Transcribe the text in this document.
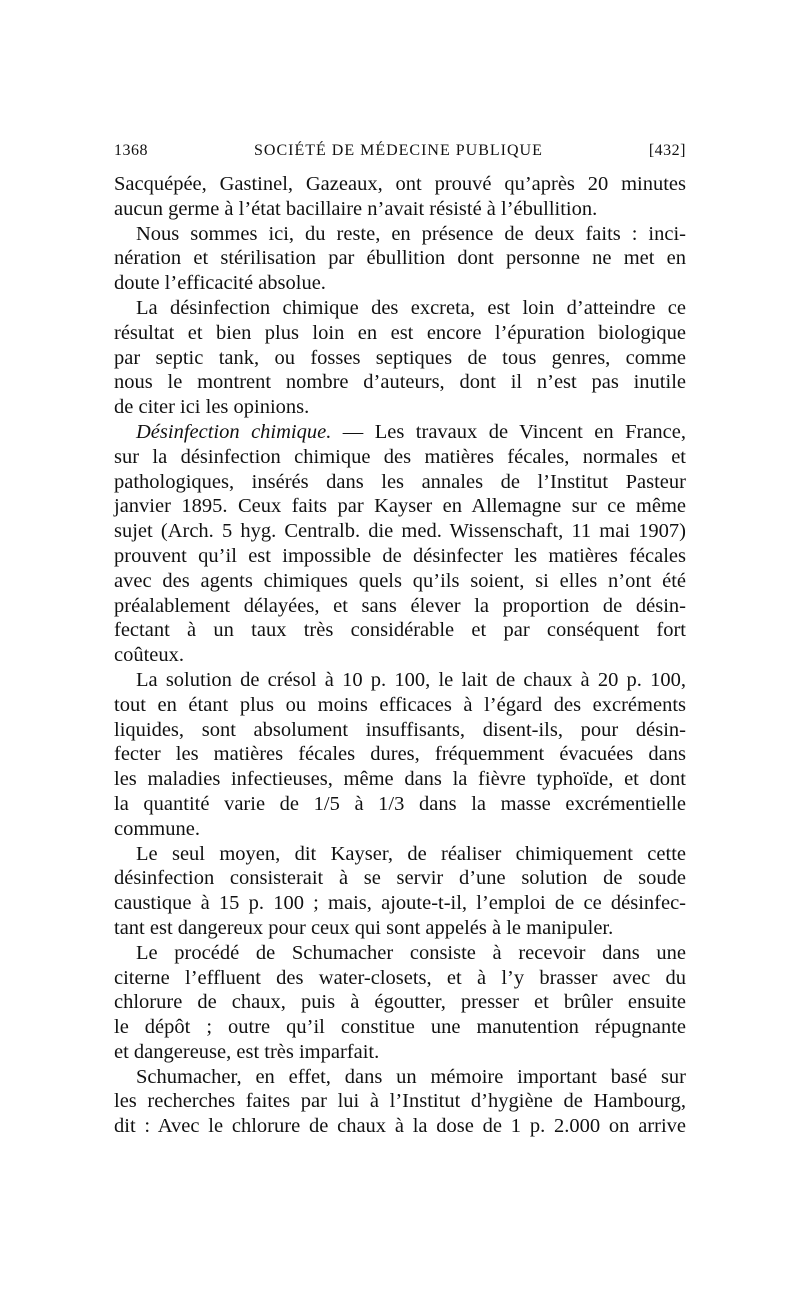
1368	SOCIÉTÉ DE MÉDECINE PUBLIQUE	[432]
Sacquépée, Gastinel, Gazeaux, ont prouvé qu’après 20 minutes
aucun germe à l’état bacillaire n’avait résisté à l’ébullition.
Nous sommes ici, du reste, en présence de deux faits : inci-
nération et stérilisation par ébullition dont personne ne met en
doute l’efficacité absolue.
La désinfection chimique des excreta, est loin d’atteindre ce
résultat et bien plus loin en est encore l’épuration biologique
par septic tank, ou fosses septiques de tous genres, comme
nous le montrent nombre d’auteurs, dont il n’est pas inutile
de citer ici les opinions.
Désinfection chimique. — Les travaux de Vincent en France,
sur la désinfection chimique des matières fécales, normales et
pathologiques, insérés dans les annales de l’Institut Pasteur
janvier 1895. Ceux faits par Kayser en Allemagne sur ce même
sujet (Arch. 5 hyg. Centralb. die med. Wissenschaft, 11 mai 1907)
prouvent qu’il est impossible de désinfecter les matières fécales
avec des agents chimiques quels qu’ils soient, si elles n’ont été
préalablement délayées, et sans élever la proportion de désin-
fectant à un taux très considérable et par conséquent fort
coûteux.
La solution de crésol à 10 p. 100, le lait de chaux à 20 p. 100,
tout en étant plus ou moins efficaces à l’égard des excréments
liquides, sont absolument insuffisants, disent-ils, pour désin-
fecter les matières fécales dures, fréquemment évacuées dans
les maladies infectieuses, même dans la fièvre typhoïde, et dont
la quantité varie de 1/5 à 1/3 dans la masse excrémentielle
commune.
Le seul moyen, dit Kayser, de réaliser chimiquement cette
désinfection consisterait à se servir d’une solution de soude
caustique à 15 p. 100 ; mais, ajoute-t-il, l’emploi de ce désinfec-
tant est dangereux pour ceux qui sont appelés à le manipuler.
Le procédé de Schumacher consiste à recevoir dans une
citerne l’effluent des water-closets, et à l’y brasser avec du
chlorure de chaux, puis à égoutter, presser et brûler ensuite
le dépôt ; outre qu’il constitue une manutention répugnante
et dangereuse, est très imparfait.
Schumacher, en effet, dans un mémoire important basé sur
les recherches faites par lui à l’Institut d’hygiène de Hambourg,
dit : Avec le chlorure de chaux à la dose de 1 p. 2.000 on arrive
